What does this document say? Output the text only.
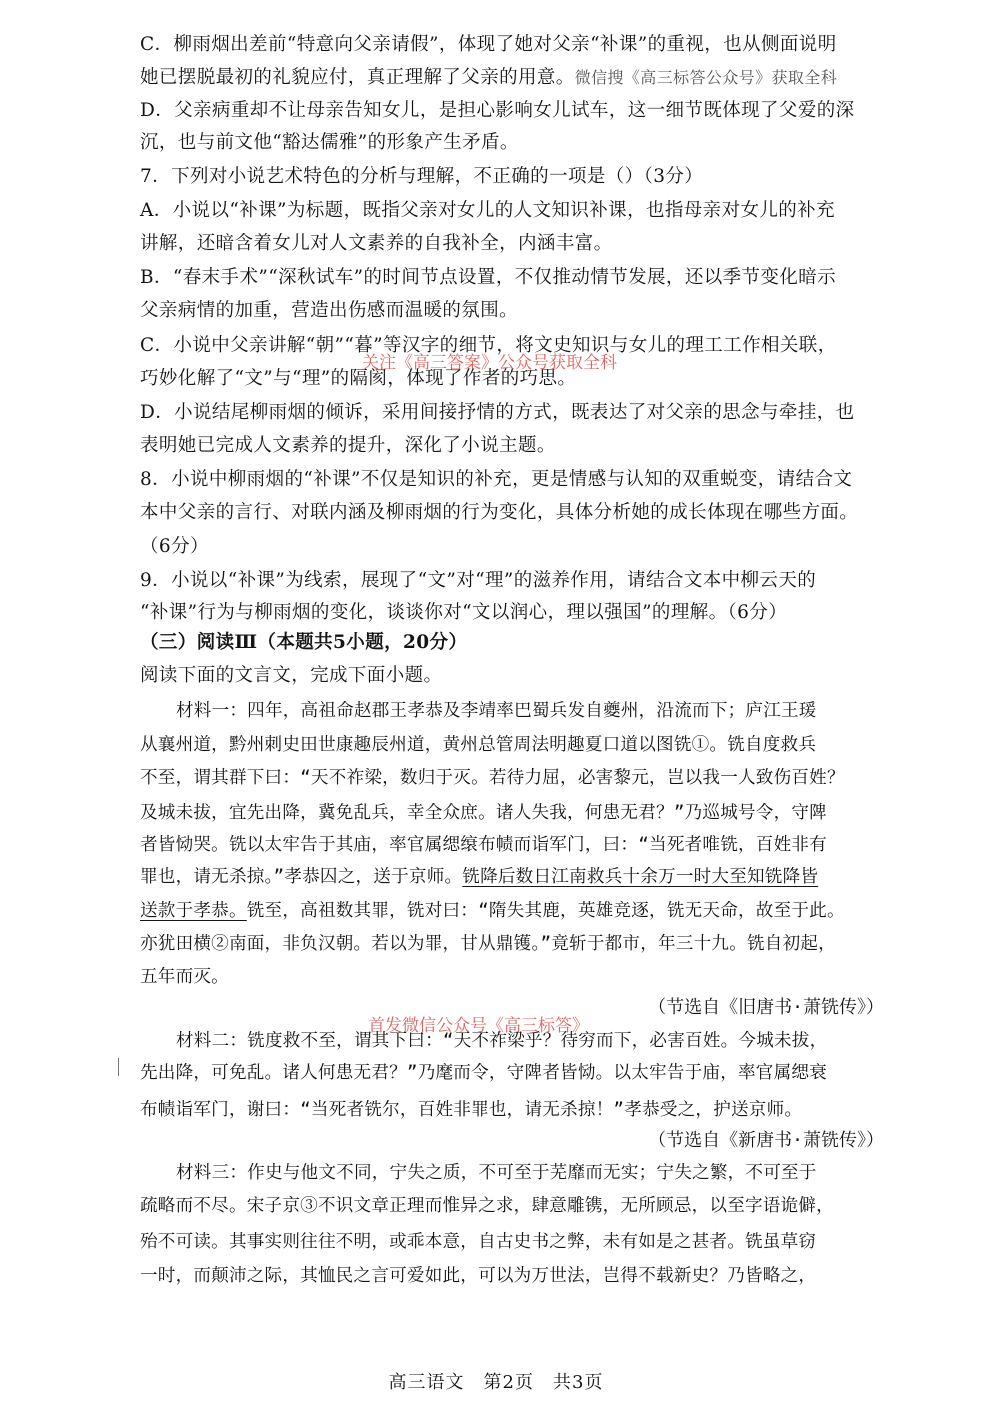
C．柳雨烟出差前“特意向父亲请假”，体现了她对父亲“补课”的重视，也从侧面说明
她已摆脱最初的礼貌应付，真正理解了父亲的用意。微信搜《高三标答公众号》获取全科
D．父亲病重却不让母亲告知女儿，是担心影响女儿试车，这一细节既体现了父爱的深
沉，也与前文他“豁达儒雅”的形象产生矛盾。
7．下列对小说艺术特色的分析与理解，不正确的一项是（）（3分）
A．小说以“补课”为标题，既指父亲对女儿的人文知识补课，也指母亲对女儿的补充
讲解，还暗含着女儿对人文素养的自我补全，内涵丰富。
B．“春末手术”“深秋试车”的时间节点设置，不仅推动情节发展，还以季节变化暗示
父亲病情的加重，营造出伤感而温暖的氛围。
C．小说中父亲讲解“朝”“暮”等汉字的细节，将文史知识与女儿的理工工作相关联，
巧妙化解了“文”与“理”的隔阂，体现了作者的巧思。
D．小说结尾柳雨烟的倾诉，采用间接抒情的方式，既表达了对父亲的思念与牵挂，也
表明她已完成人文素养的提升，深化了小说主题。
8．小说中柳雨烟的“补课”不仅是知识的补充，更是情感与认知的双重蜕变，请结合文
本中父亲的言行、对联内涵及柳雨烟的行为变化，具体分析她的成长体现在哪些方面。
（6分）
9．小说以“补课”为线索，展现了“文”对“理”的滋养作用，请结合文本中柳云天的
“补课”行为与柳雨烟的变化，谈谈你对“文以润心，理以强国”的理解。（6分）
（三）阅读Ⅲ（本题共5小题，20分）
阅读下面的文言文，完成下面小题。
材料一：四年，高祖命赵郡王孝恭及李靖率巴蜀兵发自夔州，沿流而下；庐江王瑗
从襄州道，黔州刺史田世康趣辰州道，黄州总管周法明趣夏口道以图铣①。铣自度救兵
不至，谓其群下曰：“天不祚梁，数归于灭。若待力屈，必害黎元，岂以我一人致伤百姓？
及城未拔，宜先出降，冀免乱兵，幸全众庶。诸人失我，何患无君？”乃巡城号令，守陴
者皆恸哭。铣以太牢告于其庙，率官属缌缞布帻而诣军门，曰：“当死者唯铣，百姓非有
罪也，请无杀掠。”孝恭囚之，送于京师。铣降后数日江南救兵十余万一时大至知铣降皆
送款于孝恭。铣至，高祖数其罪，铣对曰：“隋失其鹿，英雄竞逐，铣无天命，故至于此。
亦犹田横②南面，非负汉朝。若以为罪，甘从鼎镬。”竟斩于都市，年三十九。铣自初起，
五年而灭。
（节选自《旧唐书·萧铣传》）
首发微信公众号《高三标答》
材料二：铣度救不至，谓其下曰：“天不祚梁乎？待穷而下，必害百姓。今城未拔，
先出降，可免乱。诸人何患无君？”乃麾而令，守陴者皆恸。以太牢告于庙，率官属缌衰
布帻诣军门，谢曰：“当死者铣尔，百姓非罪也，请无杀掠！”孝恭受之，护送京师。
（节选自《新唐书·萧铣传》）
材料三：作史与他文不同，宁失之质，不可至于芜靡而无实；宁失之繁，不可至于
疏略而不尽。宋子京③不识文章正理而惟异之求，肆意雕镌，无所顾忌，以至字语诡僻，
殆不可读。其事实则往往不明，或乖本意，自古史书之弊，未有如是之甚者。铣虽草窃
一时，而颠沛之际，其恤民之言可爱如此，可以为万世法，岂得不载新史？乃皆略之，
关注《高三答案》公众号获取全科
高三语文　第2页　共3页
